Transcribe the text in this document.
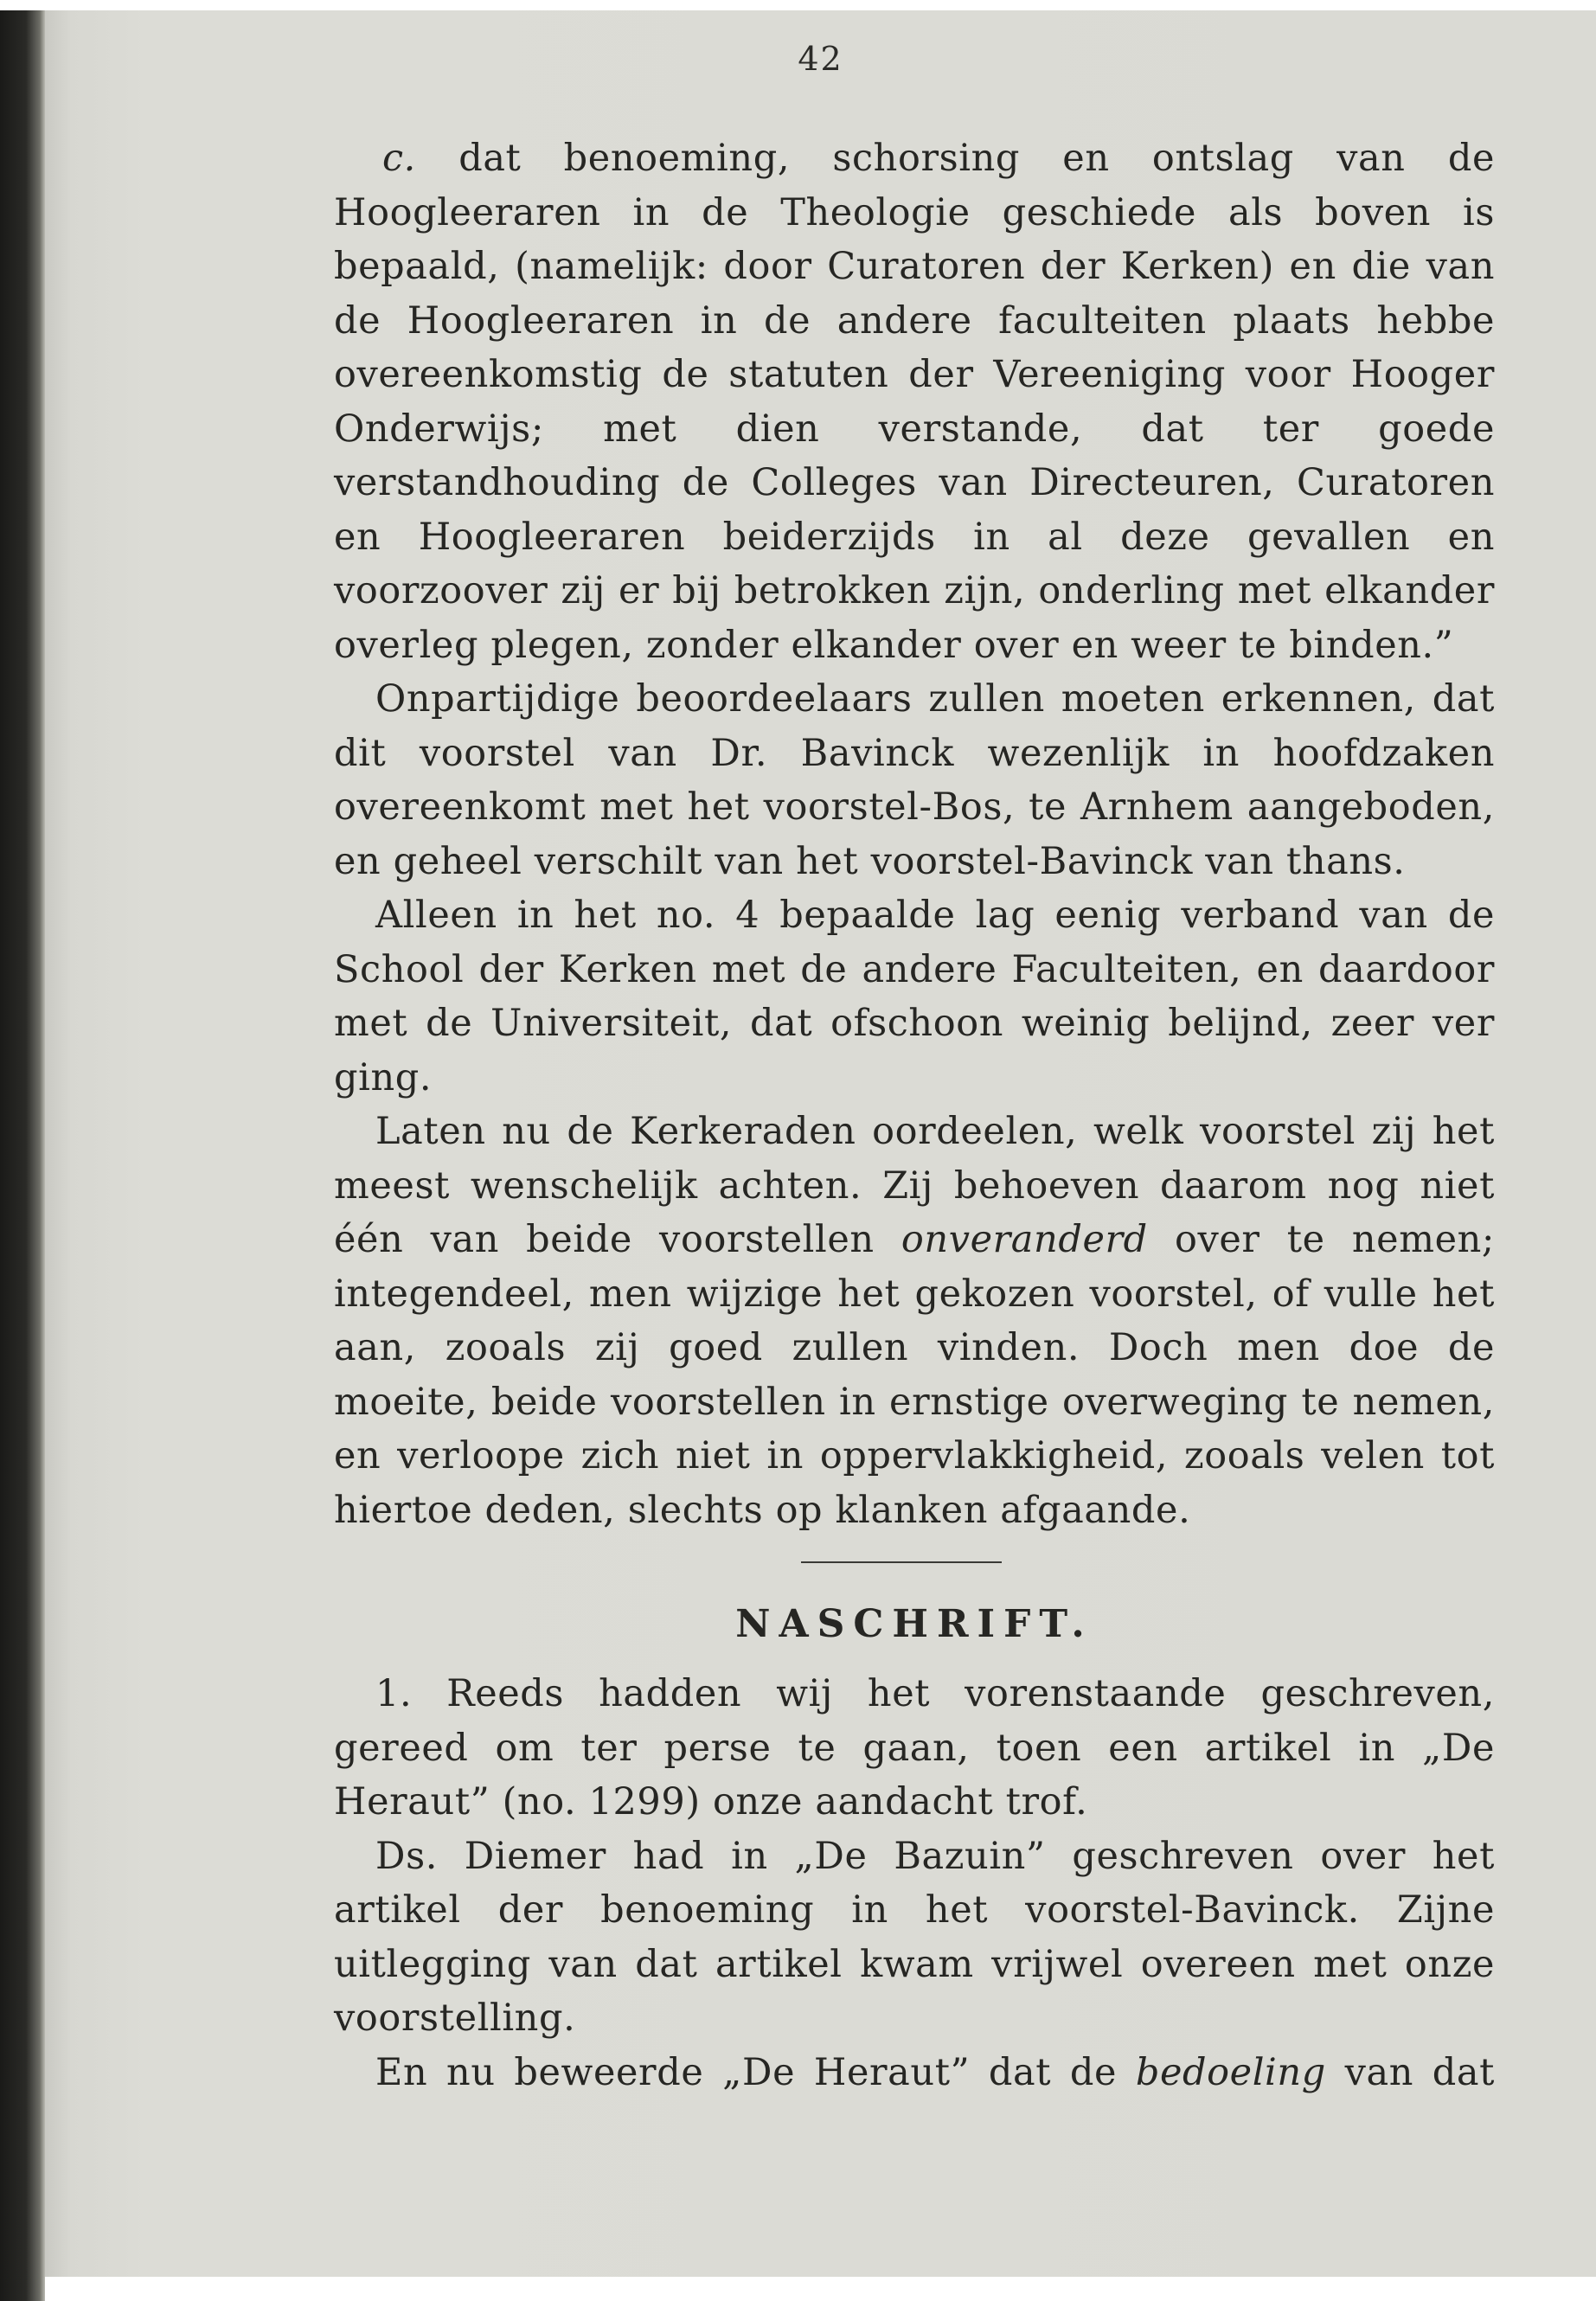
42

c. dat benoeming, schorsing en ontslag van de Hoogleeraren in de Theologie geschiede als boven is bepaald, (namelijk: door Curatoren der Kerken) en die van de Hoogleeraren in de andere faculteiten plaats hebbe overeenkomstig de statuten der Vereeniging voor Hooger Onderwijs; met dien verstande, dat ter goede verstandhouding de Colleges van Directeuren, Curatoren en Hoogleeraren beiderzijds in al deze gevallen en voorzoover zij er bij betrokken zijn, onderling met elkander overleg plegen, zonder elkander over en weer te binden.”

Onpartijdige beoordeelaars zullen moeten erkennen, dat dit voorstel van Dr. Bavinck wezenlijk in hoofdzaken overeenkomt met het voorstel-Bos, te Arnhem aangeboden, en geheel verschilt van het voorstel-Bavinck van thans.

Alleen in het no. 4 bepaalde lag eenig verband van de School der Kerken met de andere Faculteiten, en daardoor met de Universiteit, dat ofschoon weinig belijnd, zeer ver ging.

Laten nu de Kerkeraden oordeelen, welk voorstel zij het meest wenschelijk achten. Zij behoeven daarom nog niet één van beide voorstellen onveranderd over te nemen; integendeel, men wijzige het gekozen voorstel, of vulle het aan, zooals zij goed zullen vinden. Doch men doe de moeite, beide voorstellen in ernstige overweging te nemen, en verloope zich niet in oppervlakkigheid, zooals velen tot hiertoe deden, slechts op klanken afgaande.

NASCHRIFT.

1. Reeds hadden wij het vorenstaande geschreven, gereed om ter perse te gaan, toen een artikel in „De Heraut” (no. 1299) onze aandacht trof.

Ds. Diemer had in „De Bazuin” geschreven over het artikel der benoeming in het voorstel-Bavinck. Zijne uitlegging van dat artikel kwam vrijwel overeen met onze voorstelling.

En nu beweerde „De Heraut” dat de bedoeling van dat
